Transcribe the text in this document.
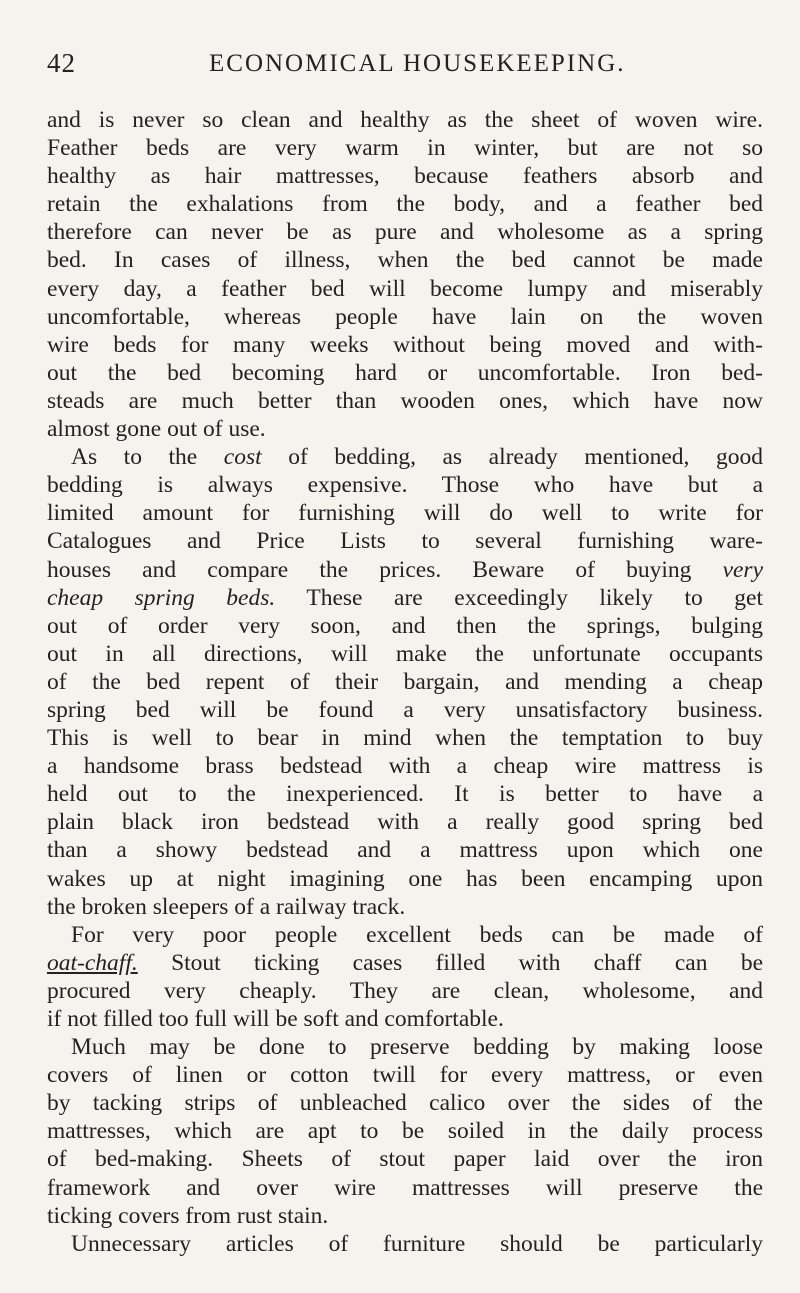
42	ECONOMICAL HOUSEKEEPING.
and is never so clean and healthy as the sheet of woven wire.
Feather beds are very warm in winter, but are not so
healthy as hair mattresses, because feathers absorb and
retain the exhalations from the body, and a feather bed
therefore can never be as pure and wholesome as a spring
bed. In cases of illness, when the bed cannot be made
every day, a feather bed will become lumpy and miserably
uncomfortable, whereas people have lain on the woven
wire beds for many weeks without being moved and with-
out the bed becoming hard or uncomfortable. Iron bed-
steads are much better than wooden ones, which have now
almost gone out of use.
As to the cost of bedding, as already mentioned, good
bedding is always expensive. Those who have but a
limited amount for furnishing will do well to write for
Catalogues and Price Lists to several furnishing ware-
houses and compare the prices. Beware of buying very
cheap spring beds. These are exceedingly likely to get
out of order very soon, and then the springs, bulging
out in all directions, will make the unfortunate occupants
of the bed repent of their bargain, and mending a cheap
spring bed will be found a very unsatisfactory business.
This is well to bear in mind when the temptation to buy
a handsome brass bedstead with a cheap wire mattress is
held out to the inexperienced. It is better to have a
plain black iron bedstead with a really good spring bed
than a showy bedstead and a mattress upon which one
wakes up at night imagining one has been encamping upon
the broken sleepers of a railway track.
For very poor people excellent beds can be made of
oat-chaff. Stout ticking cases filled with chaff can be
procured very cheaply. They are clean, wholesome, and
if not filled too full will be soft and comfortable.
Much may be done to preserve bedding by making loose
covers of linen or cotton twill for every mattress, or even
by tacking strips of unbleached calico over the sides of the
mattresses, which are apt to be soiled in the daily process
of bed-making. Sheets of stout paper laid over the iron
framework and over wire mattresses will preserve the
ticking covers from rust stain.
Unnecessary articles of furniture should be particularly
